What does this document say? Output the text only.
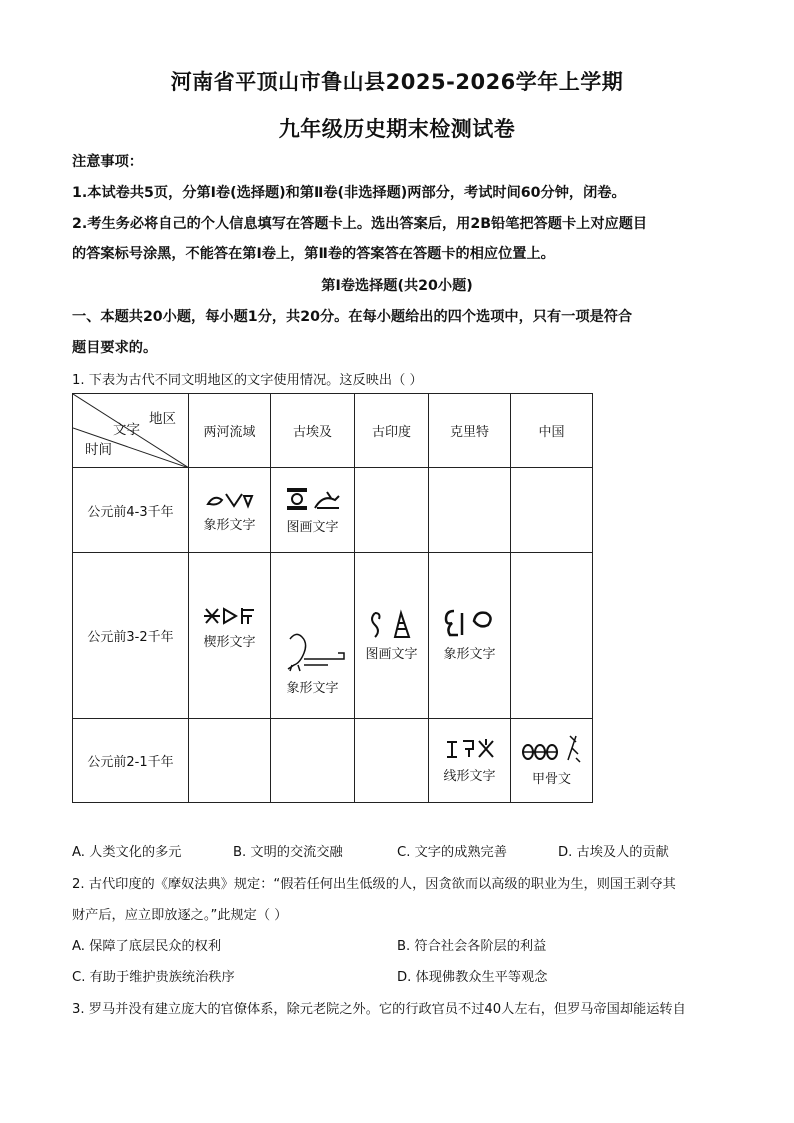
河南省平顶山市鲁山县2025-2026学年上学期
九年级历史期末检测试卷
注意事项：
1.本试卷共5页，分第Ⅰ卷(选择题)和第Ⅱ卷(非选择题)两部分，考试时间60分钟，闭卷。
2.考生务必将自己的个人信息填写在答题卡上。选出答案后，用2B铅笔把答题卡上对应题目
的答案标号涂黑，不能答在第Ⅰ卷上，第Ⅱ卷的答案答在答题卡的相应位置上。
第Ⅰ卷选择题(共20小题)
一、本题共20小题，每小题1分，共20分。在每小题给出的四个选项中，只有一项是符合
题目要求的。
1. 下表为古代不同文明地区的文字使用情况。这反映出（ ）
地区
文字
时间	两河流域	古埃及	古印度	克里特	中国
公元前4-3千年	象形文字	图画文字			

公元前3-2千年	楔形文字	象形文字	图画文字	象形文字	

公元前2-1千年				线形文字	甲骨文
A. 人类文化的多元	B. 文明的交流交融	C. 文字的成熟完善	D. 古埃及人的贡献
2. 古代印度的《摩奴法典》规定：“假若任何出生低级的人，因贪欲而以高级的职业为生，则国王剥夺其
财产后，应立即放逐之。”此规定（ ）
A. 保障了底层民众的权利	B. 符合社会各阶层的利益
C. 有助于维护贵族统治秩序	D. 体现佛教众生平等观念
3. 罗马并没有建立庞大的官僚体系，除元老院之外。它的行政官员不过40人左右，但罗马帝国却能运转自
